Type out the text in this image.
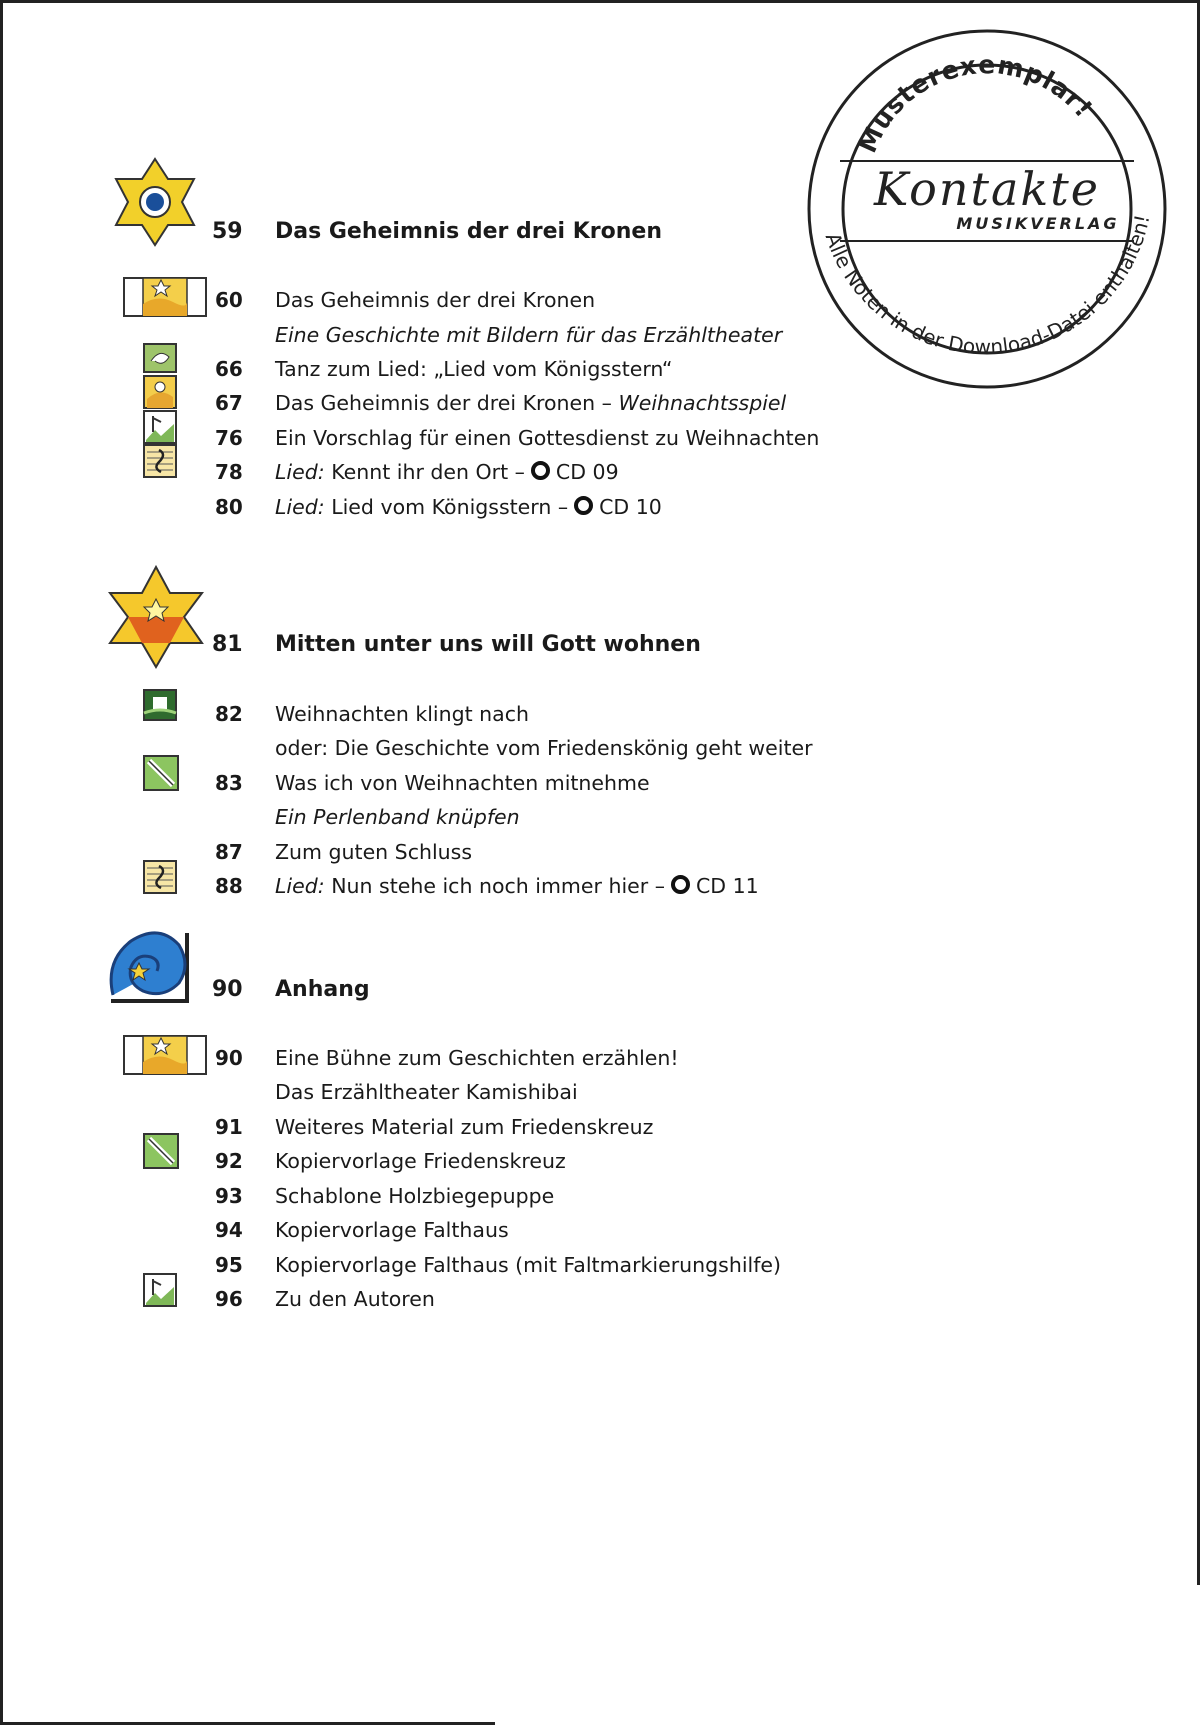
Musterexemplar!
Kontakte
MUSIKVERLAG
Alle Noten in der Download-Datei enthalten!
59 Das Geheimnis der drei Kronen
60	Das Geheimnis der drei Kronen
Eine Geschichte mit Bildern für das Erzähltheater
66	Tanz zum Lied: „Lied vom Königsstern“
67	Das Geheimnis der drei Kronen – Weihnachtsspiel
76	Ein Vorschlag für einen Gottesdienst zu Weihnachten
78	Lied: Kennt ihr den Ort – CD 09
80	Lied: Lied vom Königsstern – CD 10
81 Mitten unter uns will Gott wohnen
82	Weihnachten klingt nach
oder: Die Geschichte vom Friedenskönig geht weiter
83	Was ich von Weihnachten mitnehme
Ein Perlenband knüpfen
87	Zum guten Schluss
88	Lied: Nun stehe ich noch immer hier – CD 11
90 Anhang
90	Eine Bühne zum Geschichten erzählen!
Das Erzähltheater Kamishibai
91	Weiteres Material zum Friedenskreuz
92	Kopiervorlage Friedenskreuz
93	Schablone Holzbiegepuppe
94	Kopiervorlage Falthaus
95	Kopiervorlage Falthaus (mit Faltmarkierungshilfe)
96	Zu den Autoren
